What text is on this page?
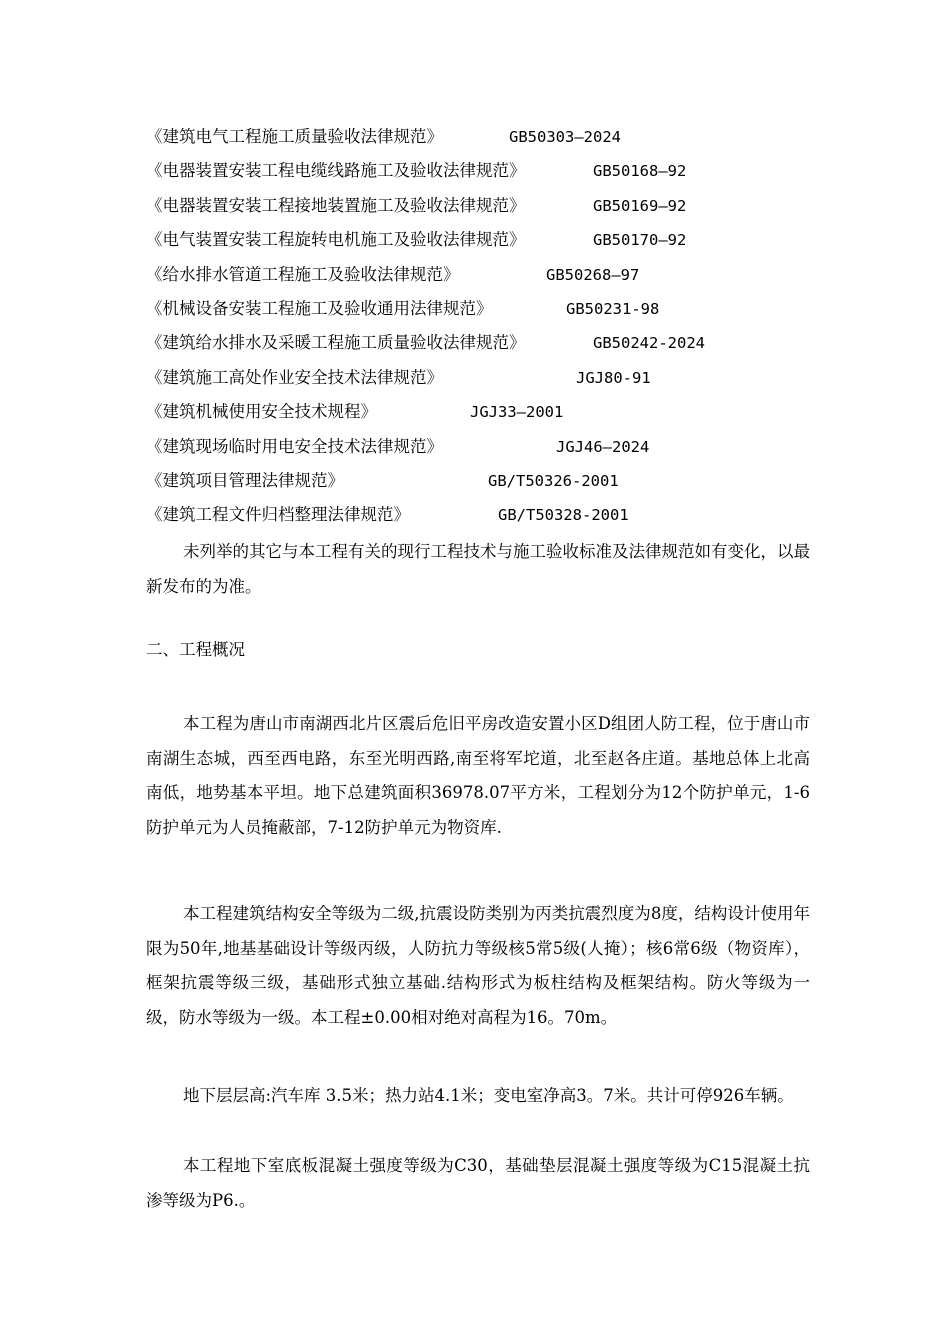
《建筑电气工程施工质量验收法律规范》	GB50303—2024
《电器装置安装工程电缆线路施工及验收法律规范》	GB50168—92
《电器装置安装工程接地装置施工及验收法律规范》	GB50169—92
《电气装置安装工程旋转电机施工及验收法律规范》	GB50170—92
《给水排水管道工程施工及验收法律规范》	GB50268—97
《机械设备安装工程施工及验收通用法律规范》	GB50231-98
《建筑给水排水及采暖工程施工质量验收法律规范》	GB50242-2024
《建筑施工高处作业安全技术法律规范》	JGJ80-91
《建筑机械使用安全技术规程》	JGJ33—2001
《建筑现场临时用电安全技术法律规范》	JGJ46—2024
《建筑项目管理法律规范》	GB/T50326-2001
《建筑工程文件归档整理法律规范》	GB/T50328-2001

未列举的其它与本工程有关的现行工程技术与施工验收标准及法律规范如有变化，以最新发布的为准。

二、工程概况

本工程为唐山市南湖西北片区震后危旧平房改造安置小区D组团人防工程，位于唐山市南湖生态城，西至西电路，东至光明西路,南至将军坨道，北至赵各庄道。基地总体上北高南低，地势基本平坦。地下总建筑面积36978.07平方米，工程划分为12个防护单元，1-6防护单元为人员掩蔽部，7-12防护单元为物资库.

本工程建筑结构安全等级为二级,抗震设防类别为丙类抗震烈度为8度，结构设计使用年限为50年,地基基础设计等级丙级，人防抗力等级核5常5级(人掩）；核6常6级（物资库），框架抗震等级三级，基础形式独立基础.结构形式为板柱结构及框架结构。防火等级为一级，防水等级为一级。本工程±0.00相对绝对高程为16。70m。

地下层层高:汽车库 3.5米；热力站4.1米；变电室净高3。7米。共计可停926车辆。

本工程地下室底板混凝土强度等级为C30，基础垫层混凝土强度等级为C15混凝土抗渗等级为P6.。
